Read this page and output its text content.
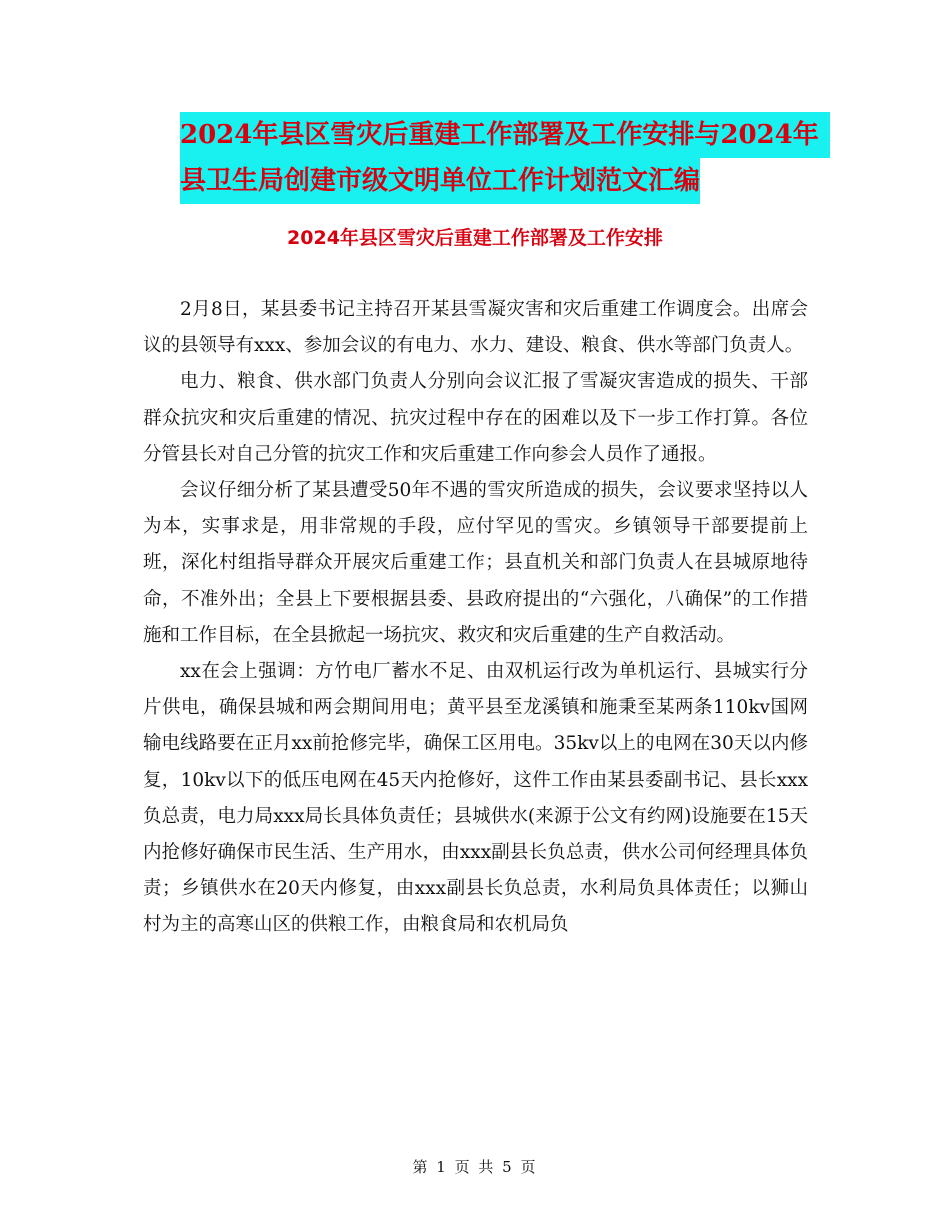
2024年县区雪灾后重建工作部署及工作安排与2024年
县卫生局创建市级文明单位工作计划范文汇编
2024年县区雪灾后重建工作部署及工作安排

2月8日，某县委书记主持召开某县雪凝灾害和灾后重建工作调度会。出席会议的县领导有xxx、参加会议的有电力、水力、建设、粮食、供水等部门负责人。

电力、粮食、供水部门负责人分别向会议汇报了雪凝灾害造成的损失、干部群众抗灾和灾后重建的情况、抗灾过程中存在的困难以及下一步工作打算。各位分管县长对自己分管的抗灾工作和灾后重建工作向参会人员作了通报。

会议仔细分析了某县遭受50年不遇的雪灾所造成的损失，会议要求坚持以人为本，实事求是，用非常规的手段，应付罕见的雪灾。乡镇领导干部要提前上班，深化村组指导群众开展灾后重建工作；县直机关和部门负责人在县城原地待命，不准外出；全县上下要根据县委、县政府提出的“六强化，八确保”的工作措施和工作目标，在全县掀起一场抗灾、救灾和灾后重建的生产自救活动。

xx在会上强调：方竹电厂蓄水不足、由双机运行改为单机运行、县城实行分片供电，确保县城和两会期间用电；黄平县至龙溪镇和施秉至某两条110kv国网输电线路要在正月xx前抢修完毕，确保工区用电。35kv以上的电网在30天以内修复，10kv以下的低压电网在45天内抢修好，这件工作由某县委副书记、县长xxx负总责，电力局xxx局长具体负责任；县城供水(来源于公文有约网)设施要在15天内抢修好确保市民生活、生产用水，由xxx副县长负总责，供水公司何经理具体负责；乡镇供水在20天内修复，由xxx副县长负总责，水利局负具体责任；以狮山村为主的高寒山区的供粮工作，由粮食局和农机局负

第 1 页 共 5 页
